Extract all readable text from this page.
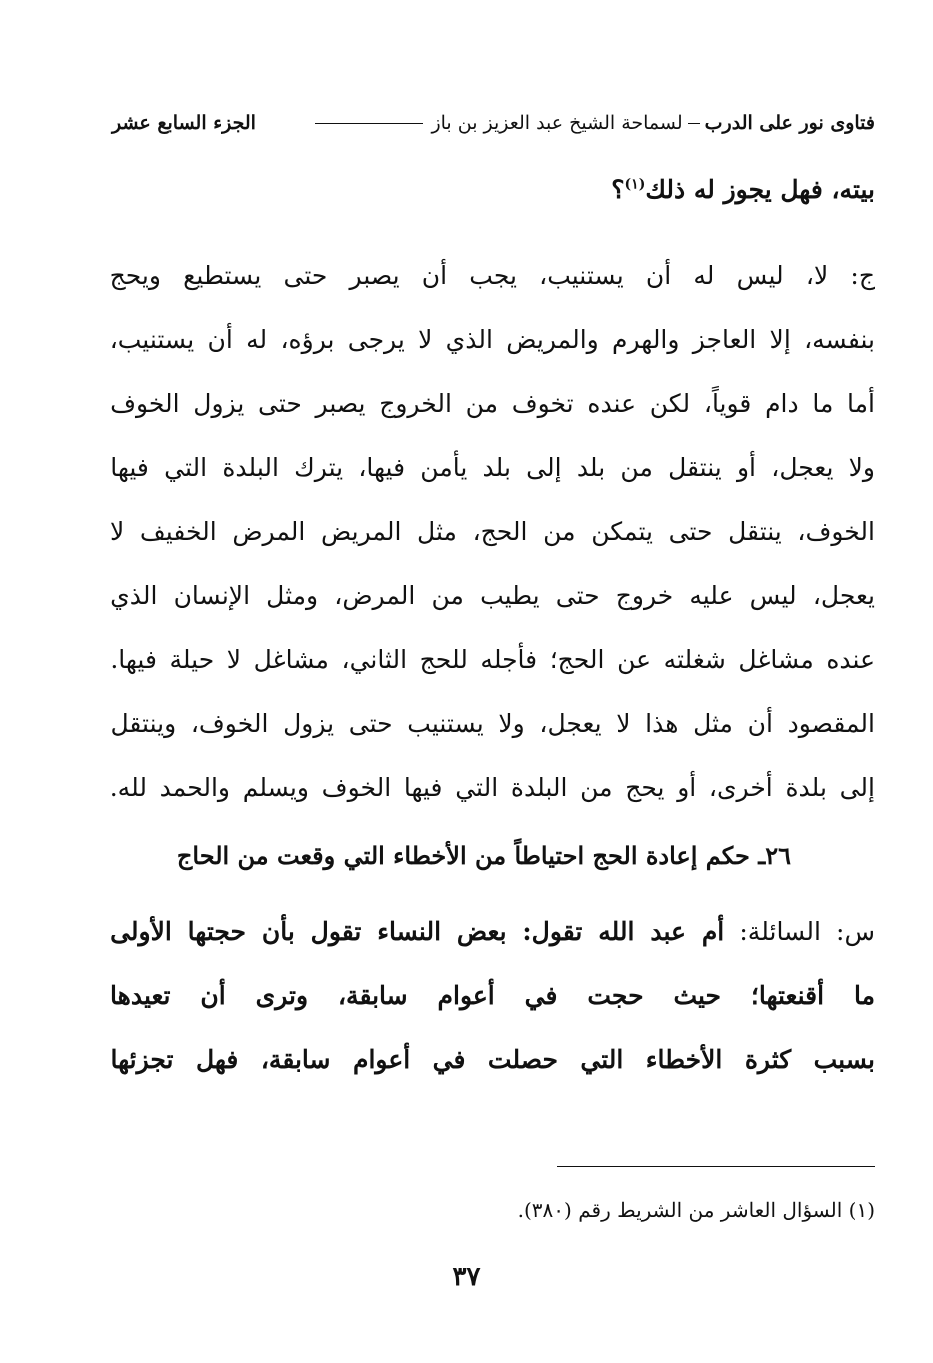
فتاوى نور على الدرب
لسماحة الشيخ عبد العزيز بن باز
الجزء السابع عشر
بيته، فهل يجوز له ذلك$^{(١)}$؟
ج: لا، ليس له أن يستنيب، يجب أن يصبر حتى يستطيع ويحج
بنفسه، إلا العاجز والهرم والمريض الذي لا يرجى برؤه، له أن يستنيب،
أما ما دام قوياً، لكن عنده تخوف من الخروج يصبر حتى يزول الخوف
ولا يعجل، أو ينتقل من بلد إلى بلد يأمن فيها، يترك البلدة التي فيها
الخوف، ينتقل حتى يتمكن من الحج، مثل المريض المرض الخفيف لا
يعجل، ليس عليه خروج حتى يطيب من المرض، ومثل الإنسان الذي
عنده مشاغل شغلته عن الحج؛ فأجله للحج الثاني، مشاغل لا حيلة فيها.
المقصود أن مثل هذا لا يعجل، ولا يستنيب حتى يزول الخوف، وينتقل
إلى بلدة أخرى، أو يحج من البلدة التي فيها الخوف ويسلم والحمد لله.
٢٦ـ حكم إعادة الحج احتياطاً من الأخطاء التي وقعت من الحاج
س: السائلة: أم عبد الله تقول: بعض النساء تقول بأن حجتها الأولى
ما أقنعتها؛ حيث حجت في أعوام سابقة، وترى أن تعيدها
بسبب كثرة الأخطاء التي حصلت في أعوام سابقة، فهل تجزئها
(١) السؤال العاشر من الشريط رقم (٣٨٠).
٣٧
